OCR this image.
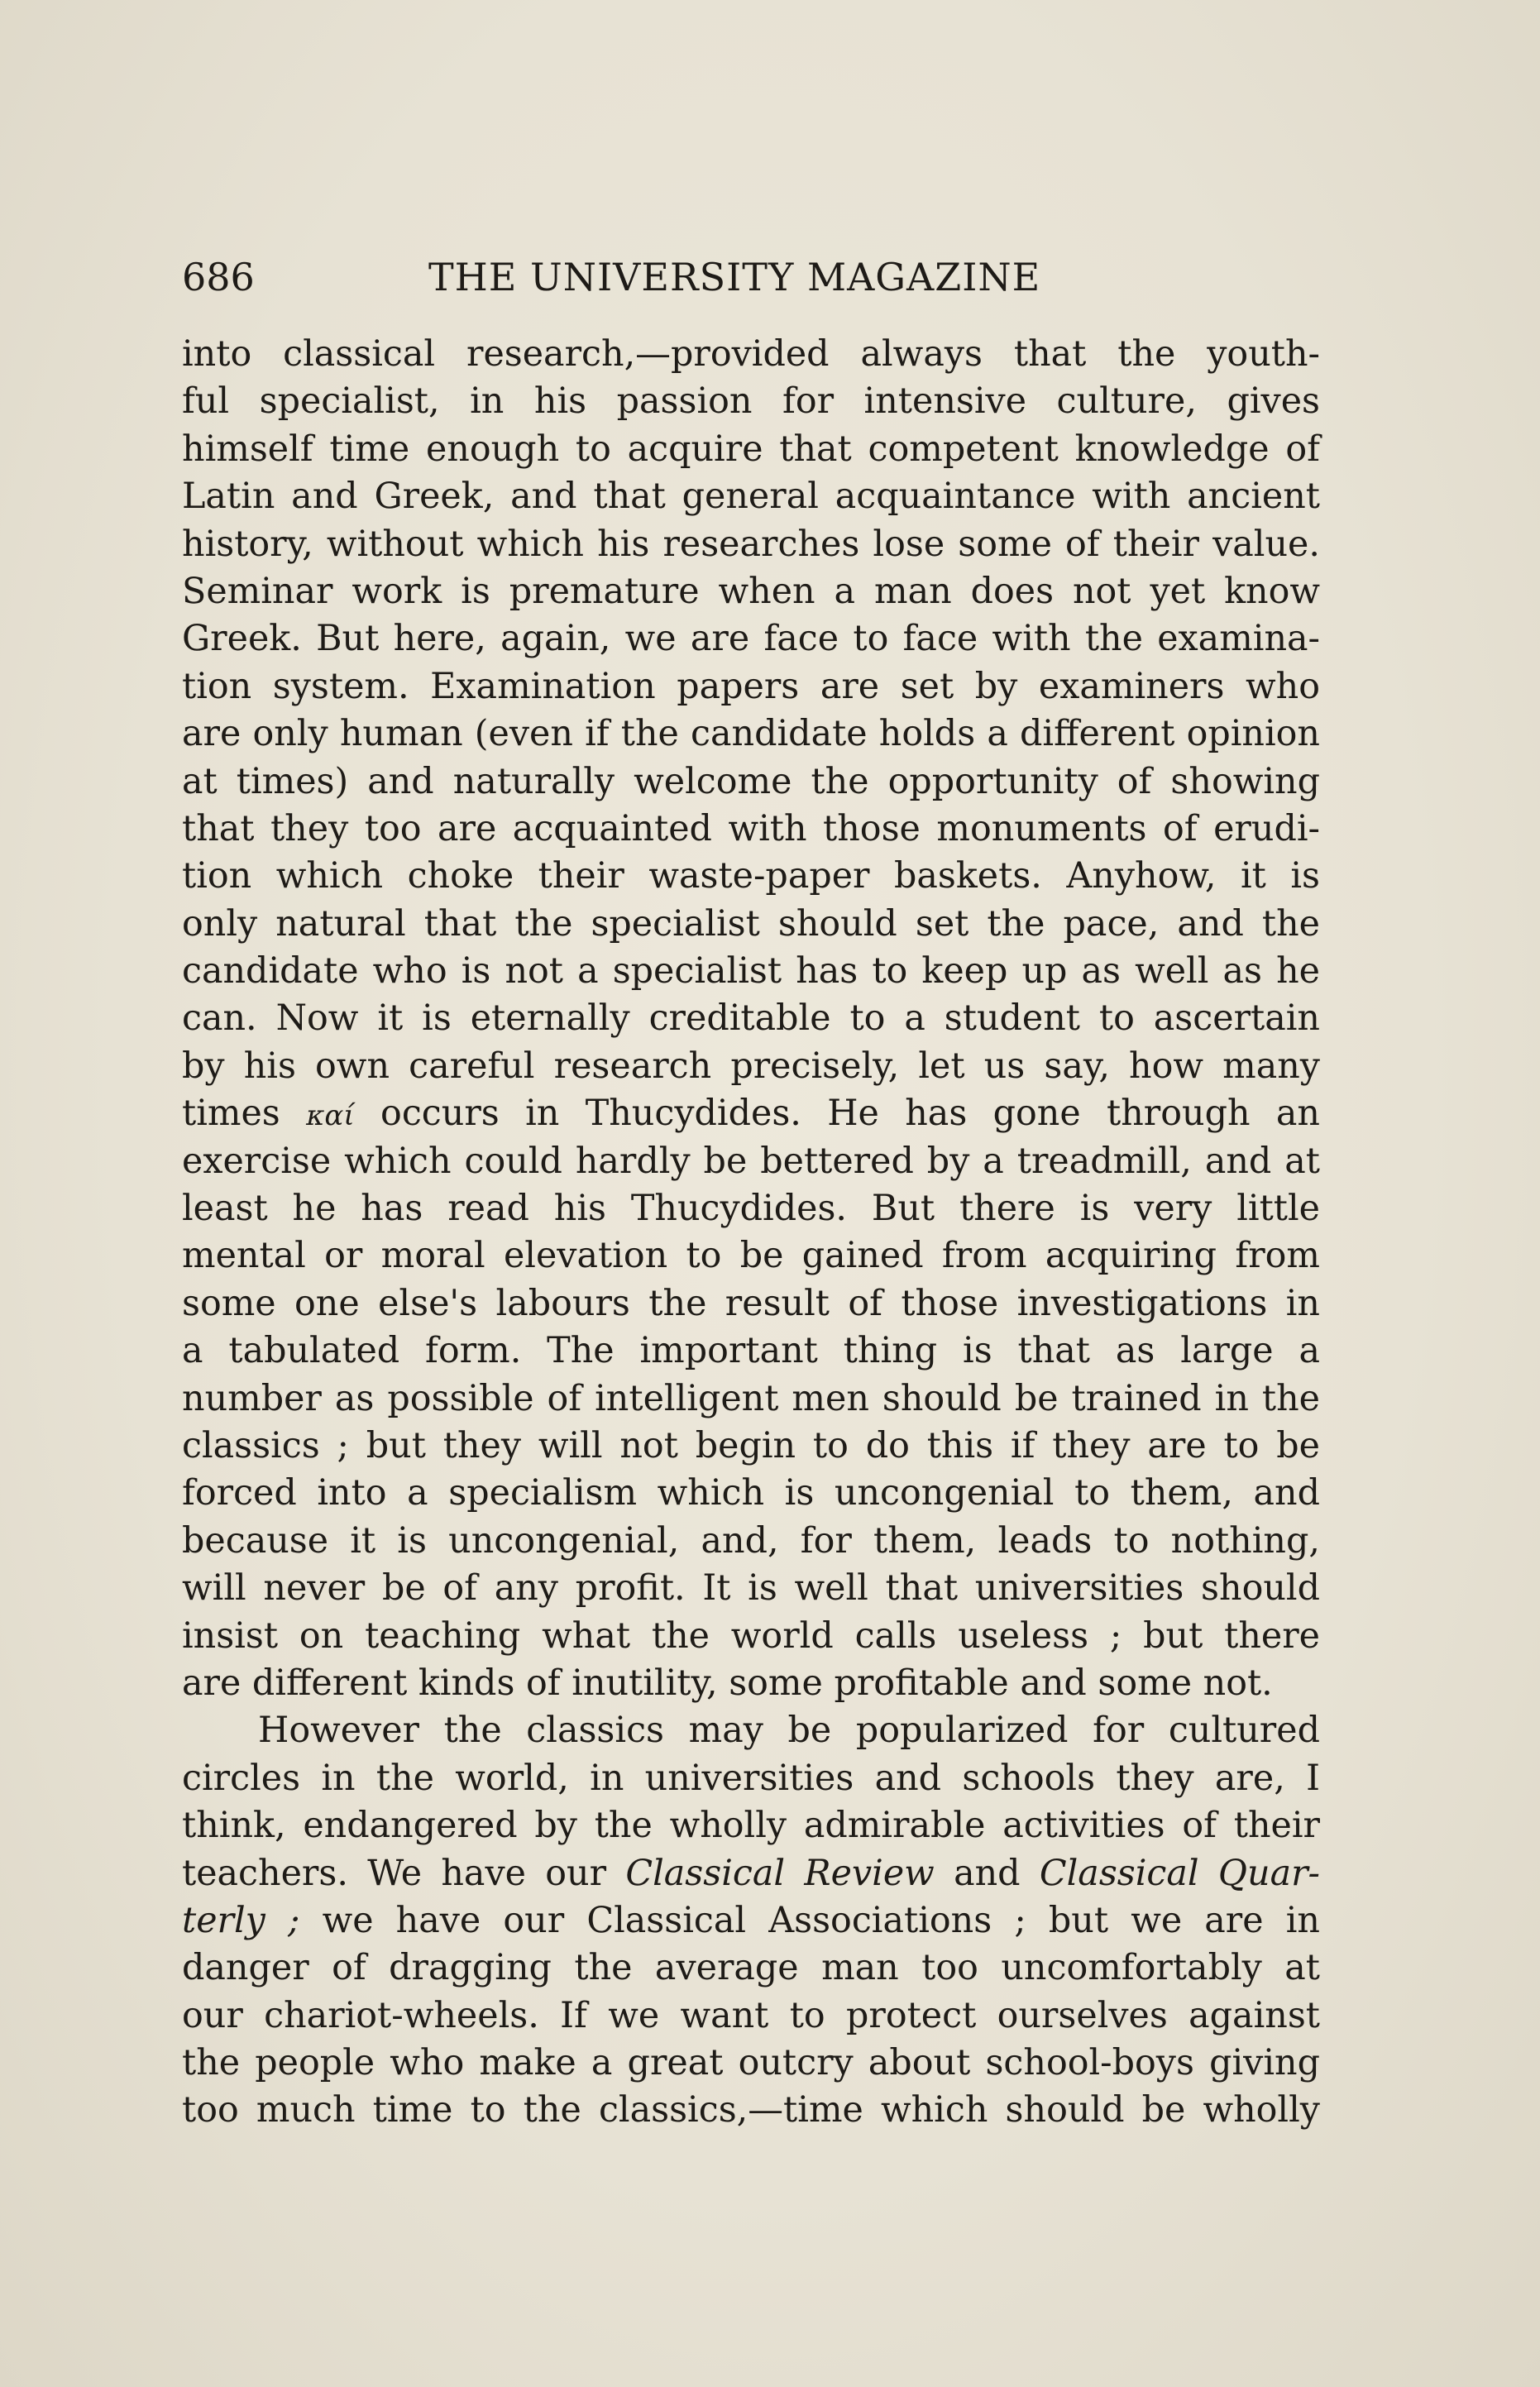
686	THE UNIVERSITY MAGAZINE
into classical research,—provided always that the youth-
ful specialist, in his passion for intensive culture, gives
himself time enough to acquire that competent knowledge of
Latin and Greek, and that general acquaintance with ancient
history, without which his researches lose some of their value.
Seminar work is premature when a man does not yet know
Greek. But here, again, we are face to face with the examina-
tion system. Examination papers are set by examiners who
are only human (even if the candidate holds a different opinion
at times) and naturally welcome the opportunity of showing
that they too are acquainted with those monuments of erudi-
tion which choke their waste-paper baskets. Anyhow, it is
only natural that the specialist should set the pace, and the
candidate who is not a specialist has to keep up as well as he
can. Now it is eternally creditable to a student to ascertain
by his own careful research precisely, let us say, how many
times καί occurs in Thucydides. He has gone through an
exercise which could hardly be bettered by a treadmill, and at
least he has read his Thucydides. But there is very little
mental or moral elevation to be gained from acquiring from
some one else's labours the result of those investigations in
a tabulated form. The important thing is that as large a
number as possible of intelligent men should be trained in the
classics ; but they will not begin to do this if they are to be
forced into a specialism which is uncongenial to them, and
because it is uncongenial, and, for them, leads to nothing,
will never be of any profit. It is well that universities should
insist on teaching what the world calls useless ; but there
are different kinds of inutility, some profitable and some not.
However the classics may be popularized for cultured
circles in the world, in universities and schools they are, I
think, endangered by the wholly admirable activities of their
teachers. We have our Classical Review and Classical Quar-
terly ; we have our Classical Associations ; but we are in
danger of dragging the average man too uncomfortably at
our chariot-wheels. If we want to protect ourselves against
the people who make a great outcry about school-boys giving
too much time to the classics,—time which should be wholly
